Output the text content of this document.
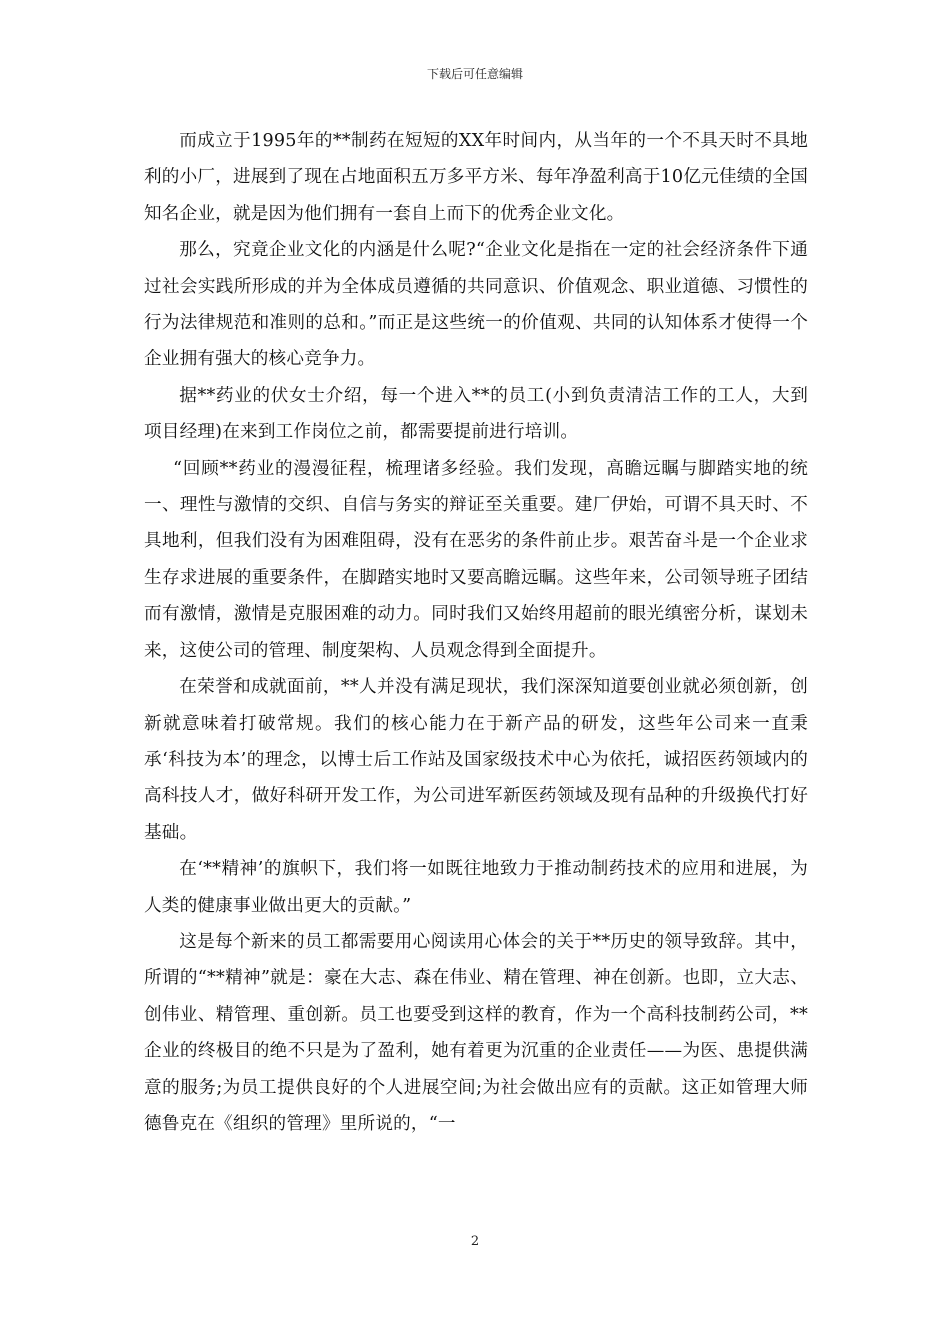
下载后可任意编辑

而成立于1995年的**制药在短短的XX年时间内，从当年的一个不具天时不具地利的小厂，进展到了现在占地面积五万多平方米、每年净盈利高于10亿元佳绩的全国知名企业，就是因为他们拥有一套自上而下的优秀企业文化。

那么，究竟企业文化的内涵是什么呢?“企业文化是指在一定的社会经济条件下通过社会实践所形成的并为全体成员遵循的共同意识、价值观念、职业道德、习惯性的行为法律规范和准则的总和。”而正是这些统一的价值观、共同的认知体系才使得一个企业拥有强大的核心竞争力。

据**药业的伏女士介绍，每一个进入**的员工(小到负责清洁工作的工人，大到项目经理)在来到工作岗位之前，都需要提前进行培训。

“回顾**药业的漫漫征程，梳理诸多经验。我们发现，高瞻远瞩与脚踏实地的统一、理性与激情的交织、自信与务实的辩证至关重要。建厂伊始，可谓不具天时、不具地利，但我们没有为困难阻碍，没有在恶劣的条件前止步。艰苦奋斗是一个企业求生存求进展的重要条件，在脚踏实地时又要高瞻远瞩。这些年来，公司领导班子团结而有激情，激情是克服困难的动力。同时我们又始终用超前的眼光缜密分析，谋划未来，这使公司的管理、制度架构、人员观念得到全面提升。

在荣誉和成就面前，**人并没有满足现状，我们深深知道要创业就必须创新，创新就意味着打破常规。我们的核心能力在于新产品的研发，这些年公司来一直秉承‘科技为本’的理念，以博士后工作站及国家级技术中心为依托，诚招医药领域内的高科技人才，做好科研开发工作，为公司进军新医药领域及现有品种的升级换代打好基础。

在‘**精神’的旗帜下，我们将一如既往地致力于推动制药技术的应用和进展，为人类的健康事业做出更大的贡献。”

这是每个新来的员工都需要用心阅读用心体会的关于**历史的领导致辞。其中，所谓的“**精神”就是：豪在大志、森在伟业、精在管理、神在创新。也即，立大志、创伟业、精管理、重创新。员工也要受到这样的教育，作为一个高科技制药公司，**企业的终极目的绝不只是为了盈利，她有着更为沉重的企业责任——为医、患提供满意的服务;为员工提供良好的个人进展空间;为社会做出应有的贡献。这正如管理大师德鲁克在《组织的管理》里所说的，“一

2
